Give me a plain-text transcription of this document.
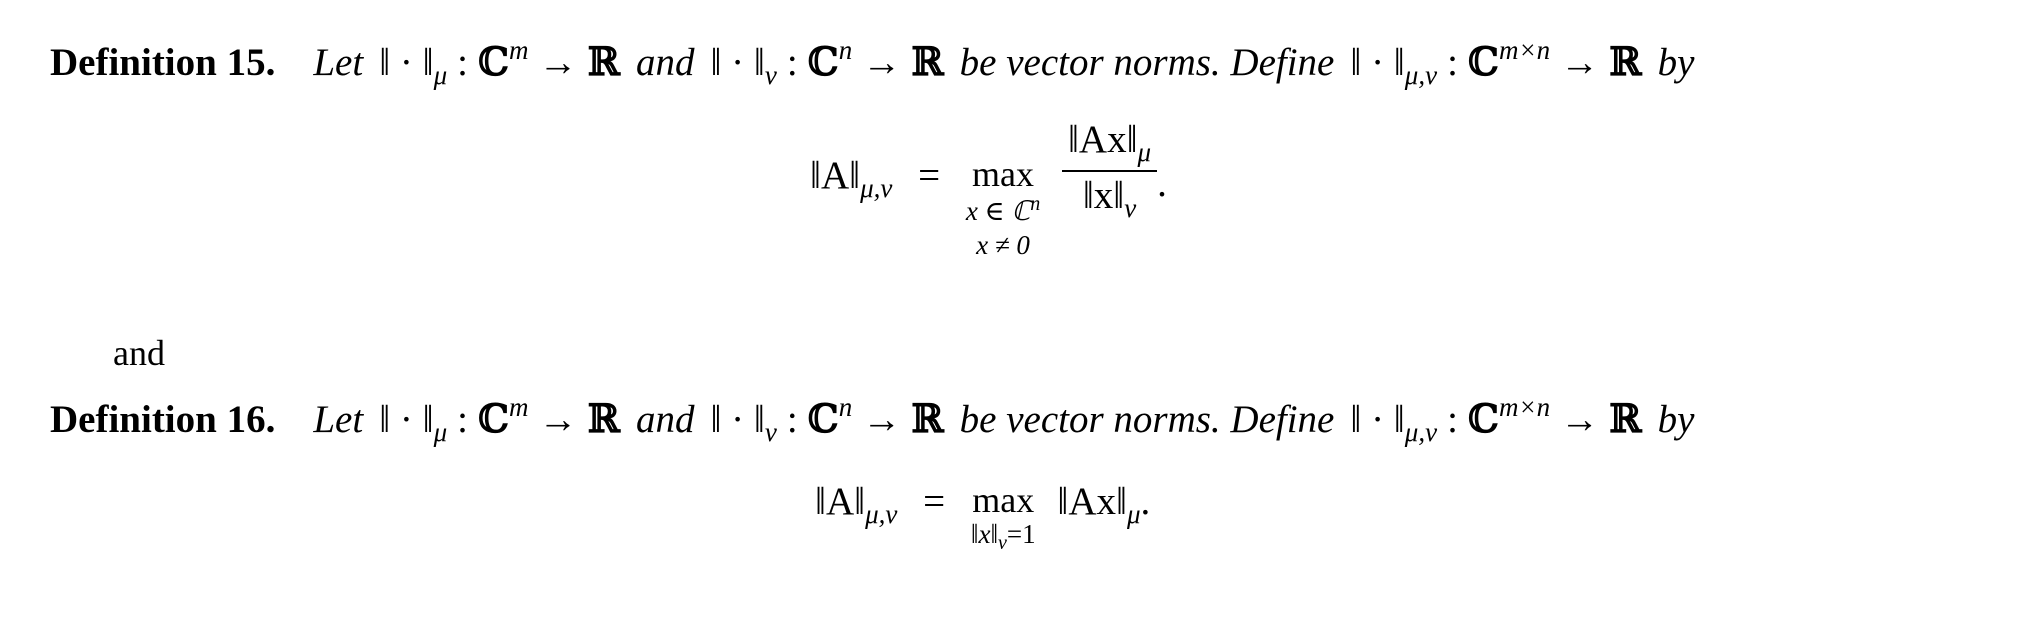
Definition 15. Let ‖ · $‖_\mu$ : ℂ$^m$ → ℝ and ‖ · $‖_\nu$ : ℂ$^n$ → ℝ be vector norms. Define ‖ · $‖_{\mu,\nu}$ : ℂ$^{m\times n}$ → ℝ by
$‖A‖_{\mu,\nu} = \max$
x ∈ ℂ$^n$
x ≠ 0

$\frac{‖Ax‖_\mu}{‖x‖_\nu}$ .
and
Definition 16. Let ‖ · $‖_\mu$ : ℂ$^m$ → ℝ and ‖ · $‖_\nu$ : ℂ$^n$ → ℝ be vector norms. Define ‖ · $‖_{\mu,\nu}$ : ℂ$^{m\times n}$ → ℝ by
$‖A‖_{\mu,\nu} = \max$
$‖x‖_\nu=1$
$‖Ax‖_\mu$.
